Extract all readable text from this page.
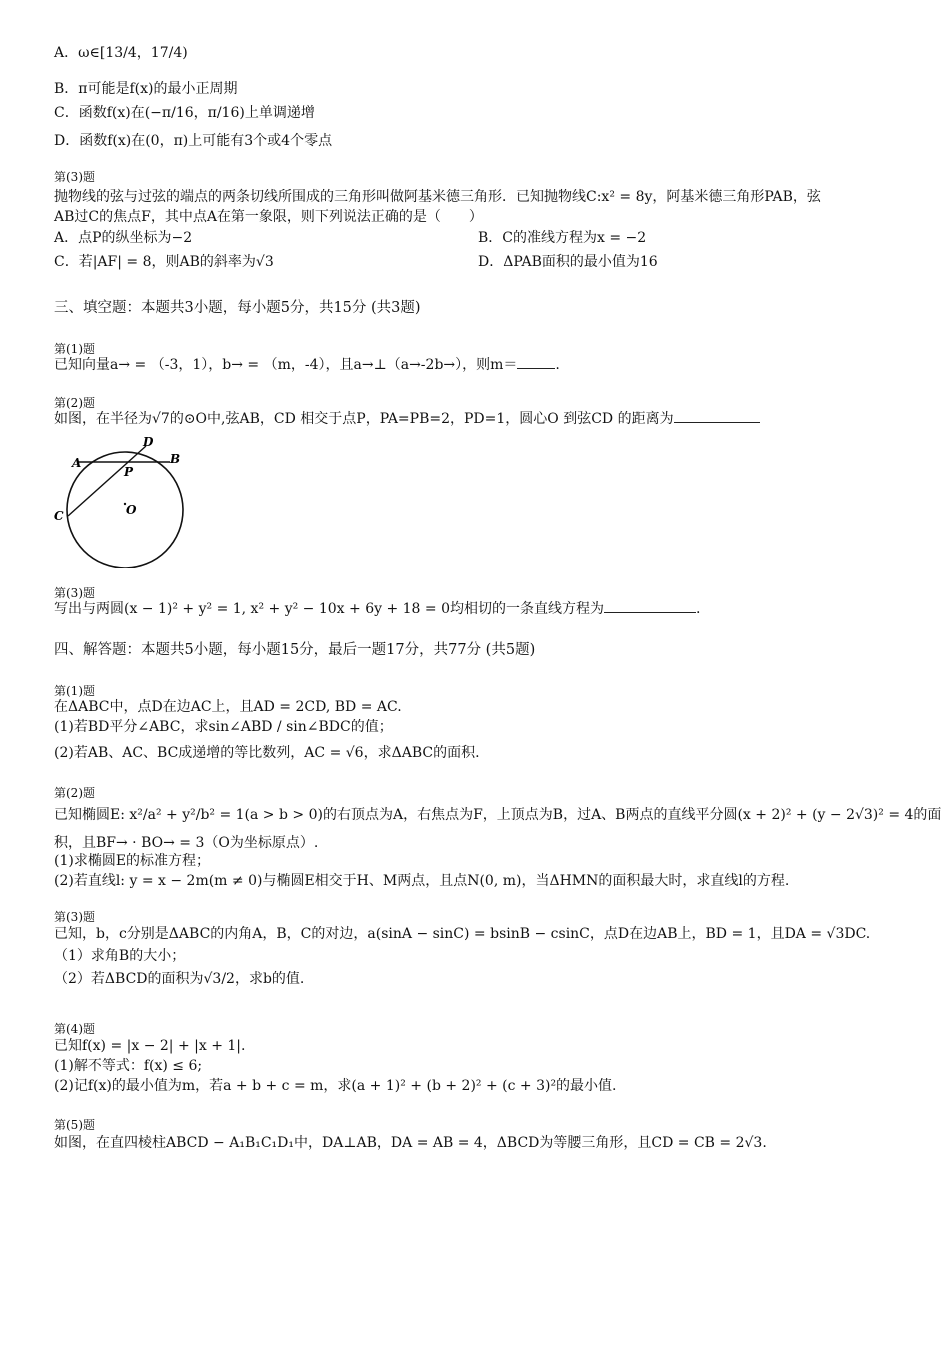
A．ω∈[13/4，17/4)
B．π可能是f(x)的最小正周期
C．函数f(x)在(−π/16，π/16)上单调递增
D．函数f(x)在(0，π)上可能有3个或4个零点
第(3)题
抛物线的弦与过弦的端点的两条切线所围成的三角形叫做阿基米德三角形．已知抛物线C:x² = 8y，阿基米德三角形PAB，弦
AB过C的焦点F，其中点A在第一象限，则下列说法正确的是（　　）
A．点P的纵坐标为−2	B．C的准线方程为x = −2
C．若|AF| = 8，则AB的斜率为√3	D．ΔPAB面积的最小值为16
三、填空题：本题共3小题，每小题5分，共15分 (共3题)
第(1)题
已知向量a→ = （-3，1），b→ = （m，-4），且a→⊥（a→-2b→），则m＝	.
第(2)题
如图，在半径为√7的⊙O中,弦AB，CD 相交于点P，PA=PB=2，PD=1，圆心O 到弦CD 的距离为
A	B
C
D
P
O
第(3)题
写出与两圆(x − 1)² + y² = 1, x² + y² − 10x + 6y + 18 = 0均相切的一条直线方程为	.
四、解答题：本题共5小题，每小题15分，最后一题17分，共77分 (共5题)
第(1)题
在ΔABC中，点D在边AC上，且AD = 2CD, BD = AC.
(1)若BD平分∠ABC，求sin∠ABD / sin∠BDC的值；
(2)若AB、AC、BC成递增的等比数列，AC = √6，求ΔABC的面积.
第(2)题
已知椭圆E: x²/a² + y²/b² = 1(a > b > 0)的右顶点为A，右焦点为F，上顶点为B，过A、B两点的直线平分圆(x + 2)² + (y − 2√3)² = 4的面
积，且BF→ · BO→ = 3（O为坐标原点）.
(1)求椭圆E的标准方程；
(2)若直线l: y = x − 2m(m ≠ 0)与椭圆E相交于H、M两点，且点N(0, m)，当ΔHMN的面积最大时，求直线l的方程.
第(3)题
已知，b，c分别是ΔABC的内角A，B，C的对边，a(sinA − sinC) = bsinB − csinC，点D在边AB上，BD = 1，且DA = √3DC.
（1）求角B的大小；
（2）若ΔBCD的面积为√3/2，求b的值.
第(4)题
已知f(x) = |x − 2| + |x + 1|.
(1)解不等式：f(x) ≤ 6;
(2)记f(x)的最小值为m，若a + b + c = m，求(a + 1)² + (b + 2)² + (c + 3)²的最小值.
第(5)题
如图，在直四棱柱ABCD − A₁B₁C₁D₁中，DA⊥AB，DA = AB = 4，ΔBCD为等腰三角形，且CD = CB = 2√3.
